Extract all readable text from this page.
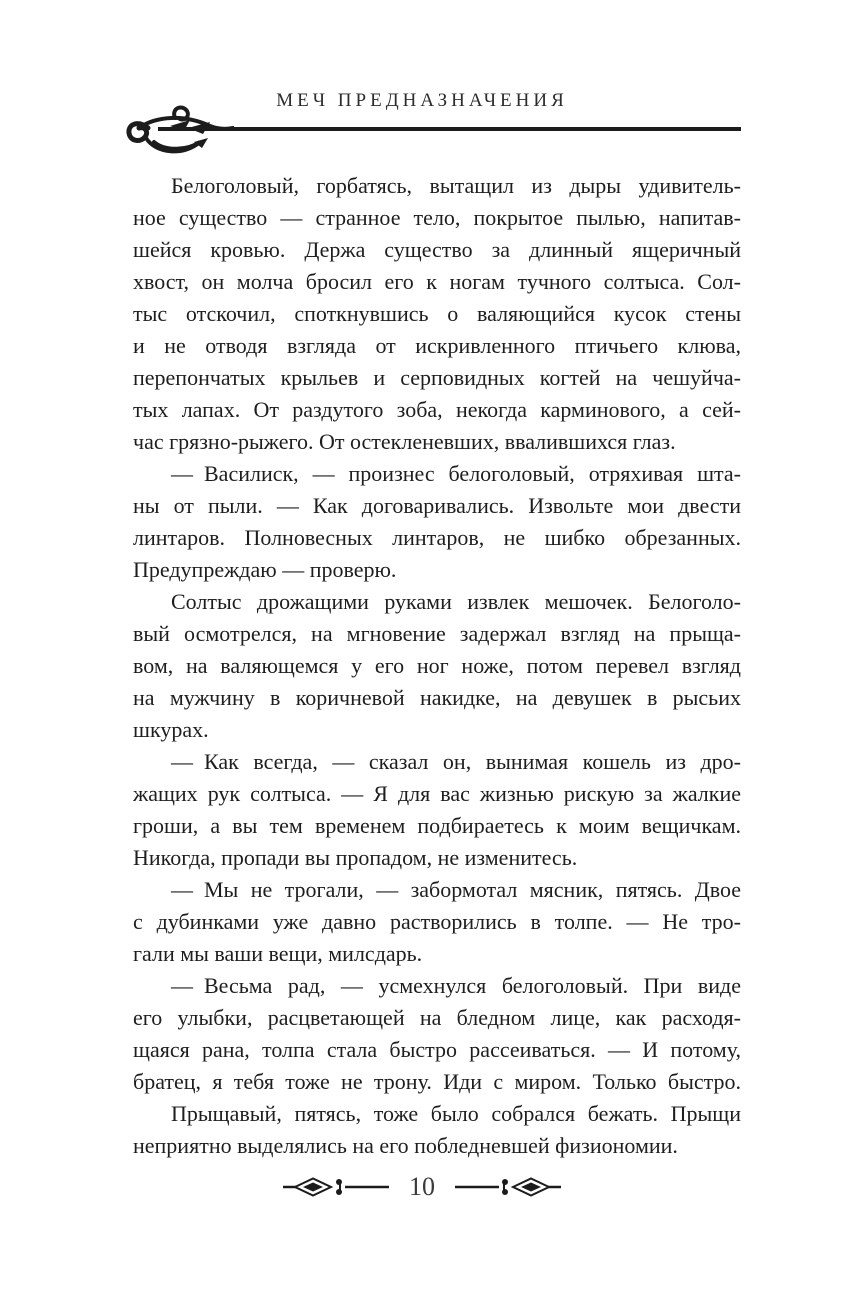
МЕЧ ПРЕДНАЗНАЧЕНИЯ
Белоголовый, горбатясь, вытащил из дыры удивитель-
ное существо — странное тело, покрытое пылью, напитав-
шейся кровью. Держа существо за длинный ящеричный
хвост, он молча бросил его к ногам тучного солтыса. Сол-
тыс отскочил, споткнувшись о валяющийся кусок стены
и не отводя взгляда от искривленного птичьего клюва,
перепончатых крыльев и серповидных когтей на чешуйча-
тых лапах. От раздутого зоба, некогда карминового, а сей-
час грязно-рыжего. От остекленевших, ввалившихся глаз.
— Василиск, — произнес белоголовый, отряхивая шта-
ны от пыли. — Как договаривались. Извольте мои двести
линтаров. Полновесных линтаров, не шибко обрезанных.
Предупреждаю — проверю.
Солтыс дрожащими руками извлек мешочек. Белоголо-
вый осмотрелся, на мгновение задержал взгляд на прыща-
вом, на валяющемся у его ног ноже, потом перевел взгляд
на мужчину в коричневой накидке, на девушек в рысьих
шкурах.
— Как всегда, — сказал он, вынимая кошель из дро-
жащих рук солтыса. — Я для вас жизнью рискую за жалкие
гроши, а вы тем временем подбираетесь к моим вещичкам.
Никогда, пропади вы пропадом, не изменитесь.
— Мы не трогали, — забормотал мясник, пятясь. Двое
с дубинками уже давно растворились в толпе. — Не тро-
гали мы ваши вещи, милсдарь.
— Весьма рад, — усмехнулся белоголовый. При виде
его улыбки, расцветающей на бледном лице, как расходя-
щаяся рана, толпа стала быстро рассеиваться. — И потому,
братец, я тебя тоже не трону. Иди с миром. Только быстро.
Прыщавый, пятясь, тоже было собрался бежать. Прыщи
неприятно выделялись на его побледневшей физиономии.
10
